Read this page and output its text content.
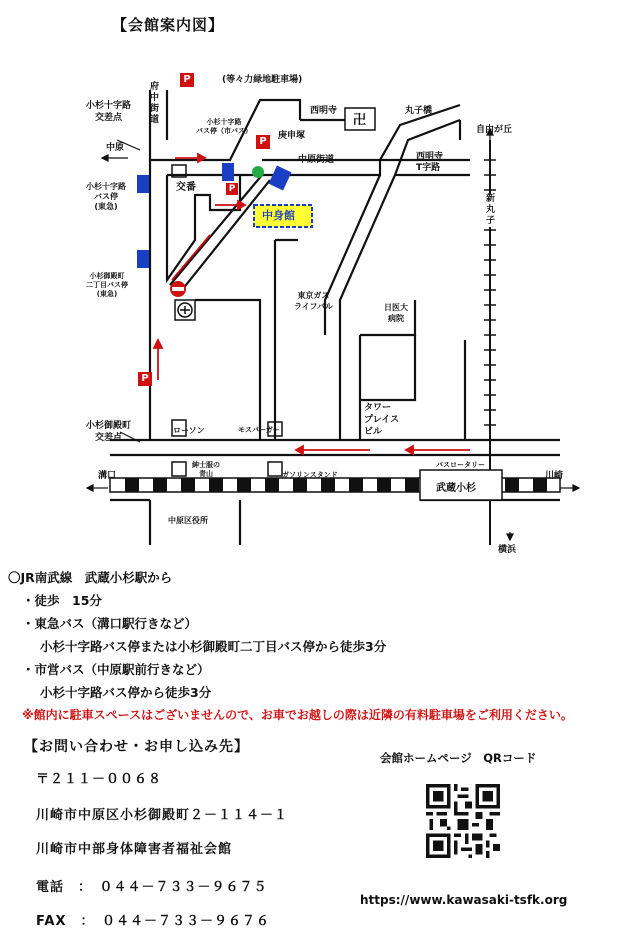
【会館案内図】
P
P
P
P
(等々力緑地駐車場)
府
中
街
道
小杉十字路
交差点	小杉十字路
バス停（市バス）	庚申塚
西明寺
卍
丸子橋
自由が丘
中原
中原街道	西明寺
T字路
交番
小杉十字路
バス停
(東急)
中身館
新
丸
子
小杉御殿町
二丁目バス停
(東急)	東京ガス
ライフバル	日医大
病院
タワー
プレイス
ビル
小杉御殿町
交差点
ローソン	モスバーガー
バスロータリー
紳士服の
青山	ガソリンスタンド
溝口
武蔵小杉
川崎
横浜
中原区役所
〇JR南武線　武蔵小杉駅から
・徒歩　15分
・東急バス（溝口駅行きなど）
小杉十字路バス停または小杉御殿町二丁目バス停から徒歩3分
・市営バス（中原駅前行きなど）
小杉十字路バス停から徒歩3分
※館内に駐車スペースはございませんので、お車でお越しの際は近隣の有料駐車場をご利用ください。
【お問い合わせ・お申し込み先】
〒２１１－００６８
川崎市中原区小杉御殿町２－１１４－１
川崎市中部身体障害者福祉会館
電話　：　０４４－７３３－９６７５
FAX　：　０４４－７３３－９６７６
会館ホームページ　QRコード
https://www.kawasaki-tsfk.org
